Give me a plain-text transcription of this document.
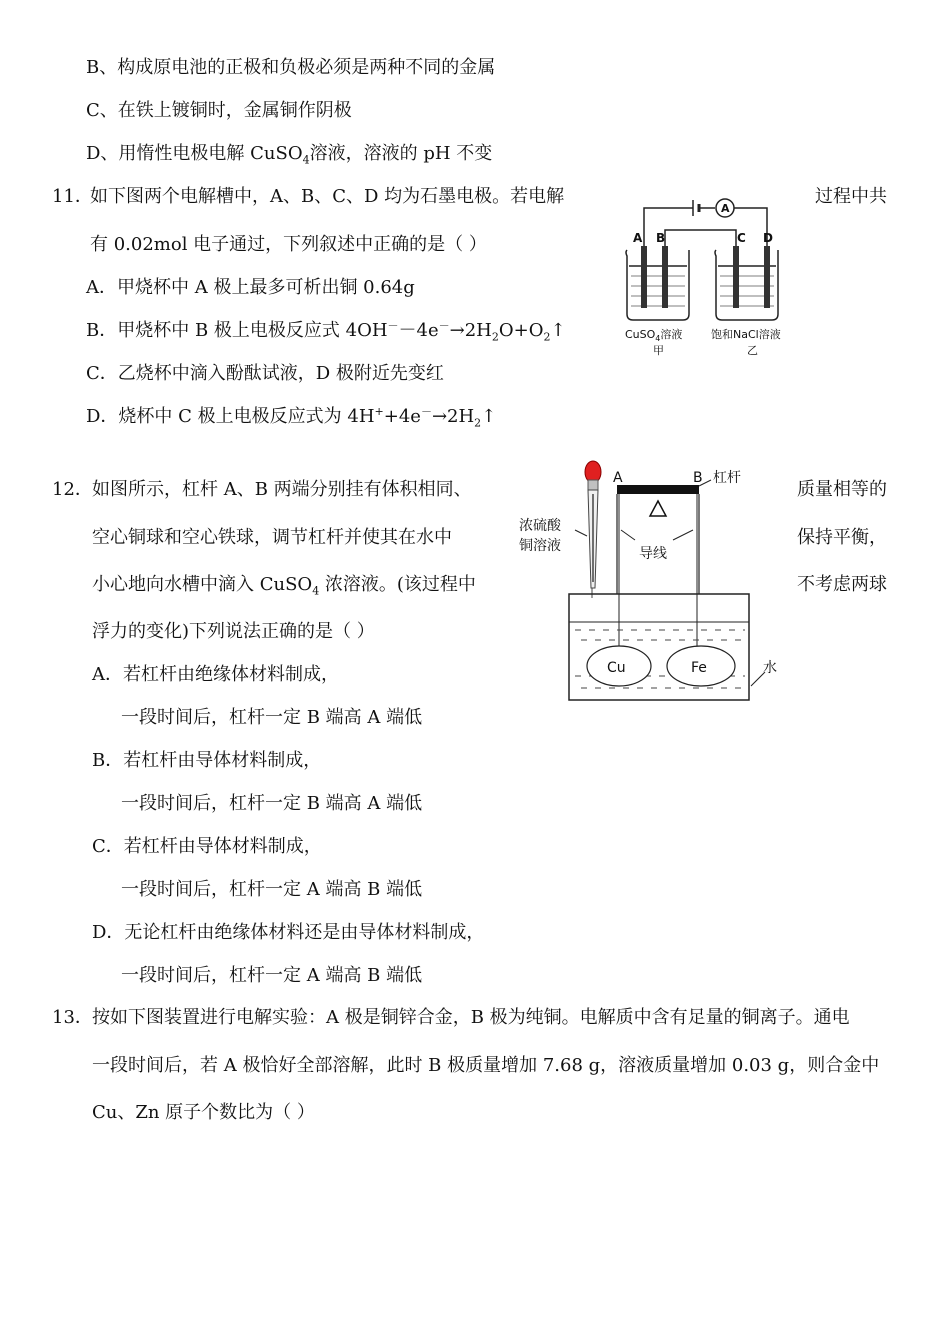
B、构成原电池的正极和负极必须是两种不同的金属
C、在铁上镀铜时，金属铜作阴极
D、用惰性电极电解 CuSO$_4$溶液，溶液的 pH 不变
11．
如下图两个电解槽中，A、B、C、D 均为石墨电极。若电解	过程中共
有 0.02mol 电子通过，下列叙述中正确的是（ ）
A．甲烧杯中 A 极上最多可析出铜 0.64g
B．甲烧杯中 B 极上电极反应式 $4OH^--4e^-\to 2H_2O+O_2↑$
C．乙烧杯中滴入酚酞试液，D 极附近先变红
D．烧杯中 C 极上电极反应式为 $4H^++4e^-\to 2H_2↑$
A
A B	C D
CuSO$_4$溶液
甲
饱和NaCl溶液
乙
12． 如图所示，杠杆 A、B 两端分别挂有体积相同、	质量相等的
空心铜球和空心铁球，调节杠杆并使其在水中	保持平衡，
小心地向水槽中滴入 CuSO$_4$ 浓溶液。(该过程中	不考虑两球
浮力的变化)下列说法正确的是（ ）
A．若杠杆由绝缘体材料制成，
一段时间后，杠杆一定 B 端高 A 端低
B．若杠杆由导体材料制成，
一段时间后，杠杆一定 B 端高 A 端低
C．若杠杆由导体材料制成，
一段时间后，杠杆一定 A 端高 B 端低
D．无论杠杆由绝缘体材料还是由导体材料制成，
一段时间后，杠杆一定 A 端高 B 端低
A	B 杠杆
浓硫酸
铜溶液	导线
Cu	Fe	水
13． 按如下图装置进行电解实验：A 极是铜锌合金，B 极为纯铜。电解质中含有足量的铜离子。通电
一段时间后，若 A 极恰好全部溶解，此时 B 极质量增加 7.68 g，溶液质量增加 0.03 g，则合金中
Cu、Zn 原子个数比为（ ）
